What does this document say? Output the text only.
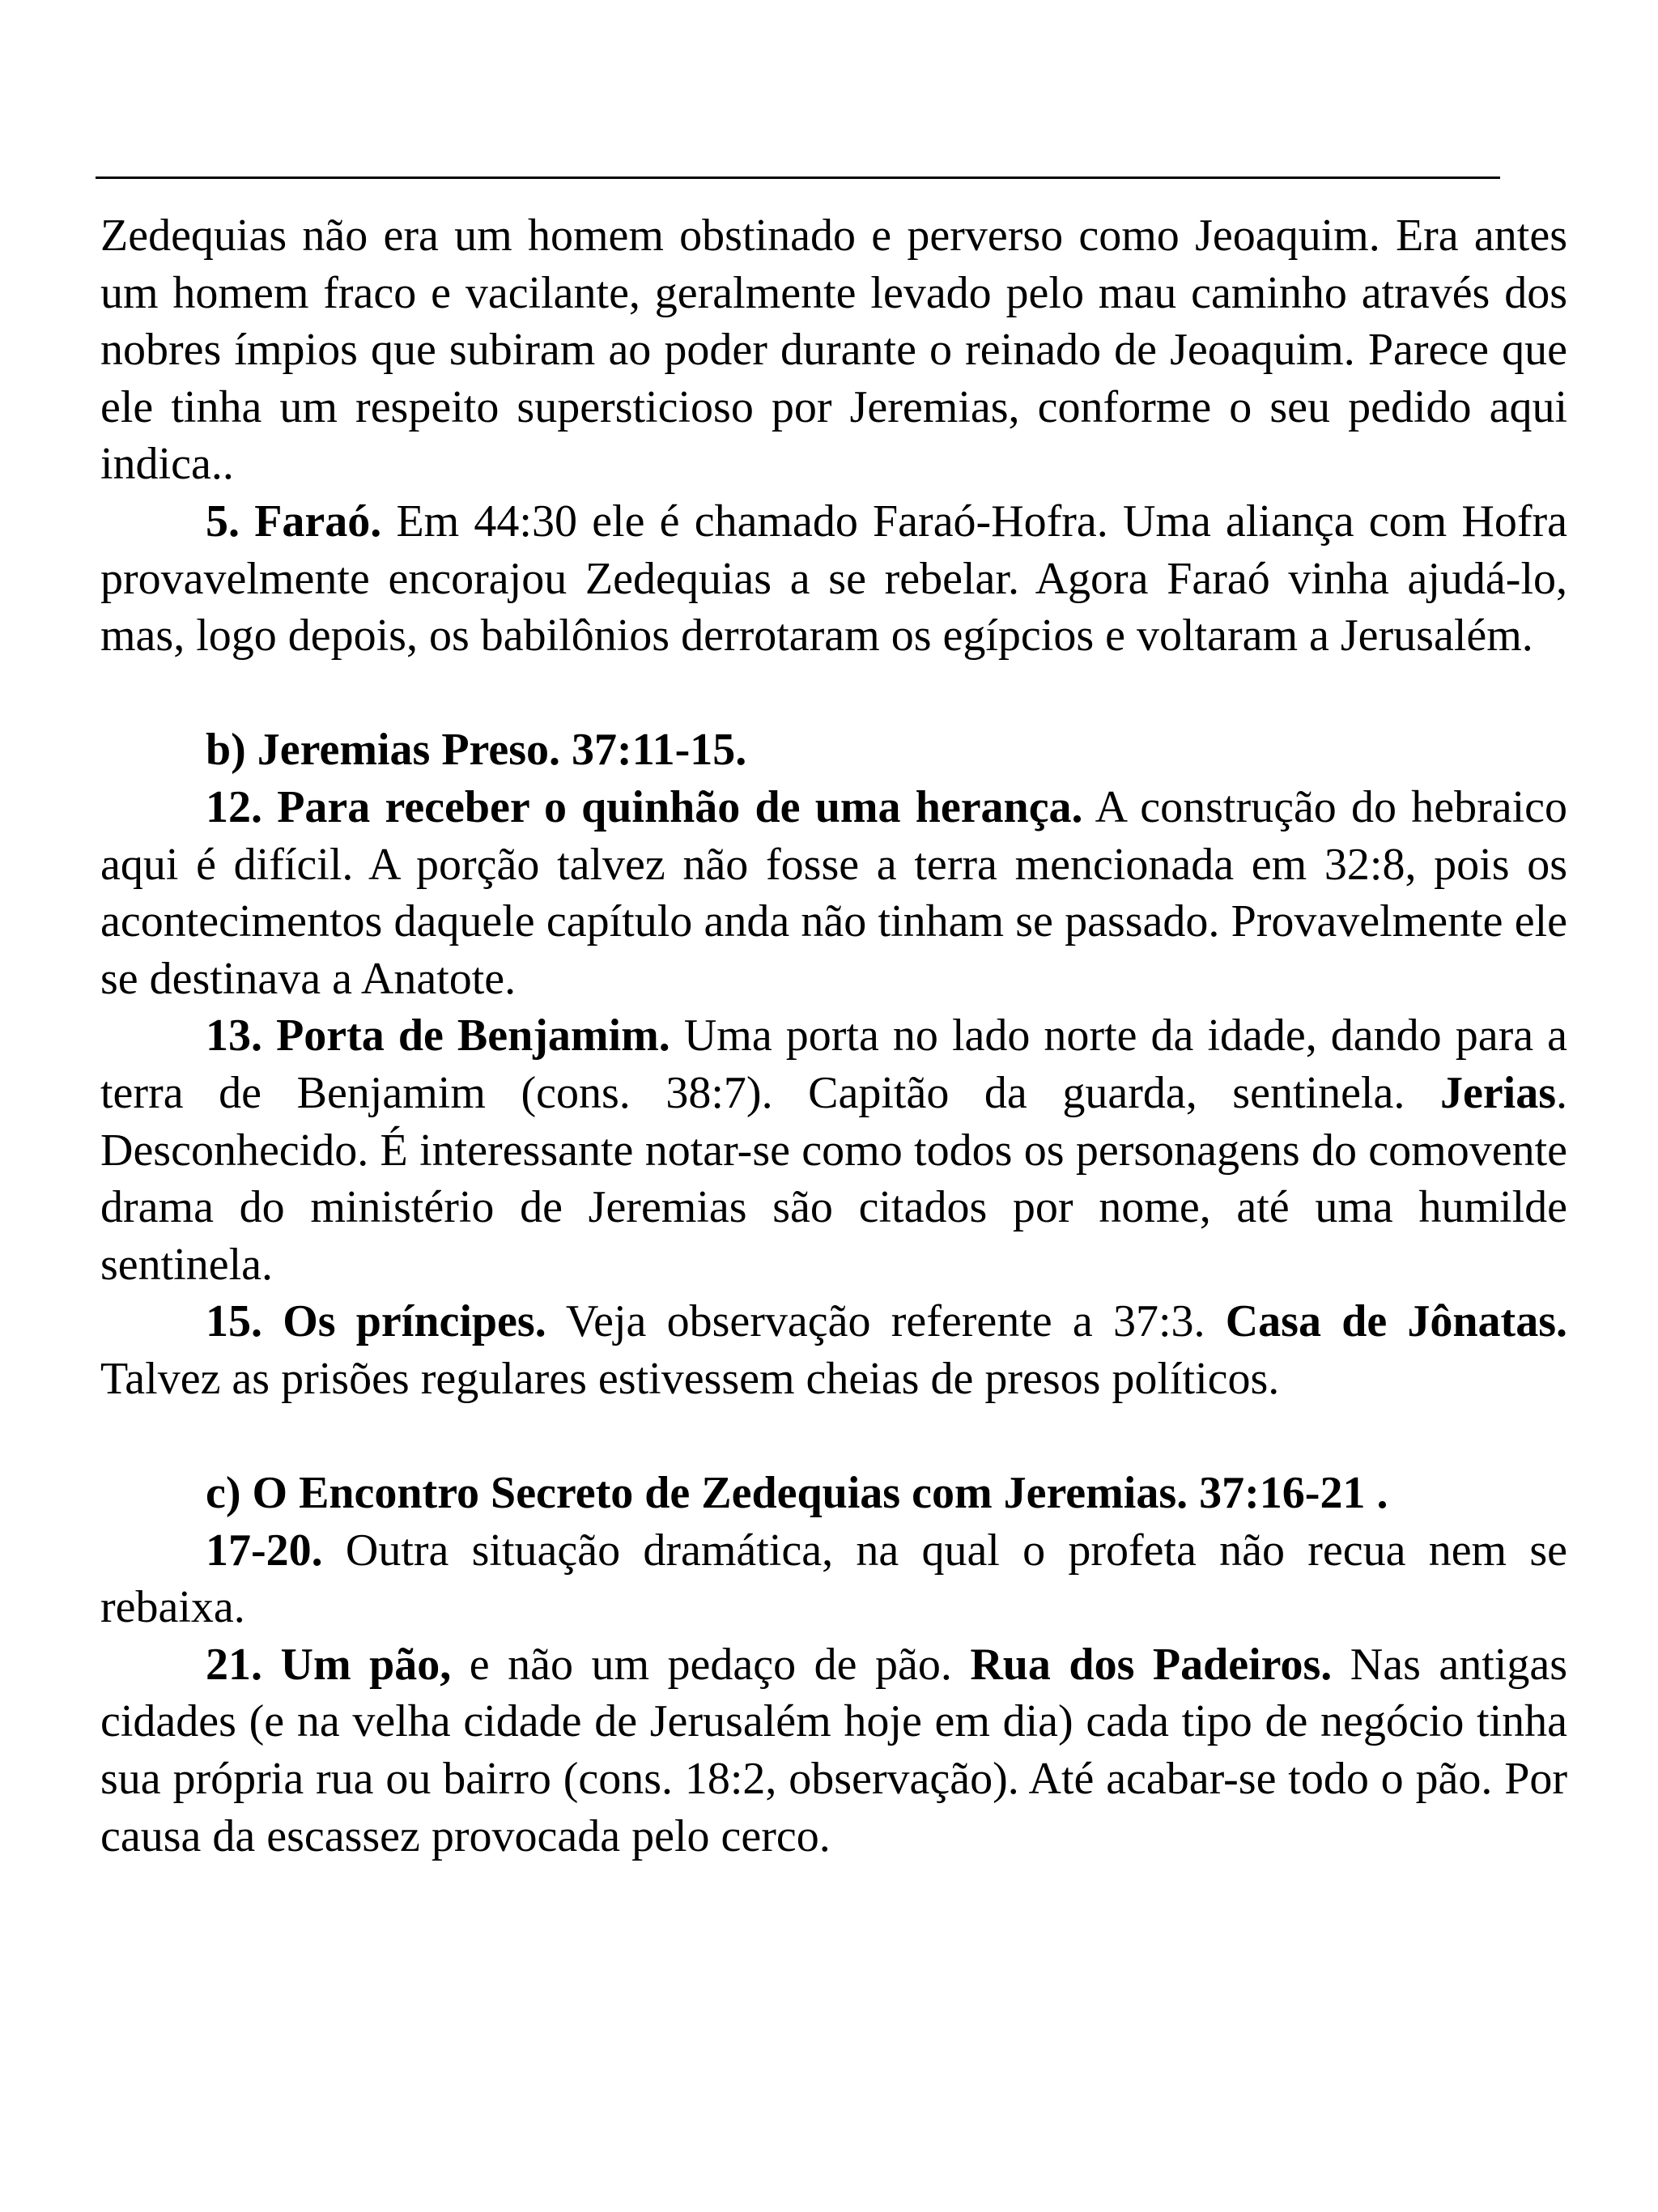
Zedequias não era um homem obstinado e perverso como Jeoaquim. Era antes um homem fraco e vacilante, geralmente levado pelo mau caminho através dos nobres ímpios que subiram ao poder durante o reinado de Jeoaquim. Parece que ele tinha um respeito supersticioso por Jeremias, conforme o seu pedido aqui indica..

5. Faraó. Em 44:30 ele é chamado Faraó-Hofra. Uma aliança com Hofra provavelmente encorajou Zedequias a se rebelar. Agora Faraó vinha ajudá-lo, mas, logo depois, os babilônios derrotaram os egípcios e voltaram a Jerusalém.

b) Jeremias Preso. 37:11-15.

12. Para receber o quinhão de uma herança. A construção do hebraico aqui é difícil. A porção talvez não fosse a terra mencionada em 32:8, pois os acontecimentos daquele capítulo anda não tinham se passado. Provavelmente ele se destinava a Anatote.

13. Porta de Benjamim. Uma porta no lado norte da idade, dando para a terra de Benjamim (cons. 38:7). Capitão da guarda, sentinela. Jerias. Desconhecido. É interessante notar-se como todos os personagens do comovente drama do ministério de Jeremias são citados por nome, até uma humilde sentinela.

15. Os príncipes. Veja observação referente a 37:3. Casa de Jônatas. Talvez as prisões regulares estivessem cheias de presos políticos.

c) O Encontro Secreto de Zedequias com Jeremias. 37:16-21 .

17-20. Outra situação dramática, na qual o profeta não recua nem se rebaixa.

21. Um pão, e não um pedaço de pão. Rua dos Padeiros. Nas antigas cidades (e na velha cidade de Jerusalém hoje em dia) cada tipo de negócio tinha sua própria rua ou bairro (cons. 18:2, observação). Até acabar-se todo o pão. Por causa da escassez provocada pelo cerco.
